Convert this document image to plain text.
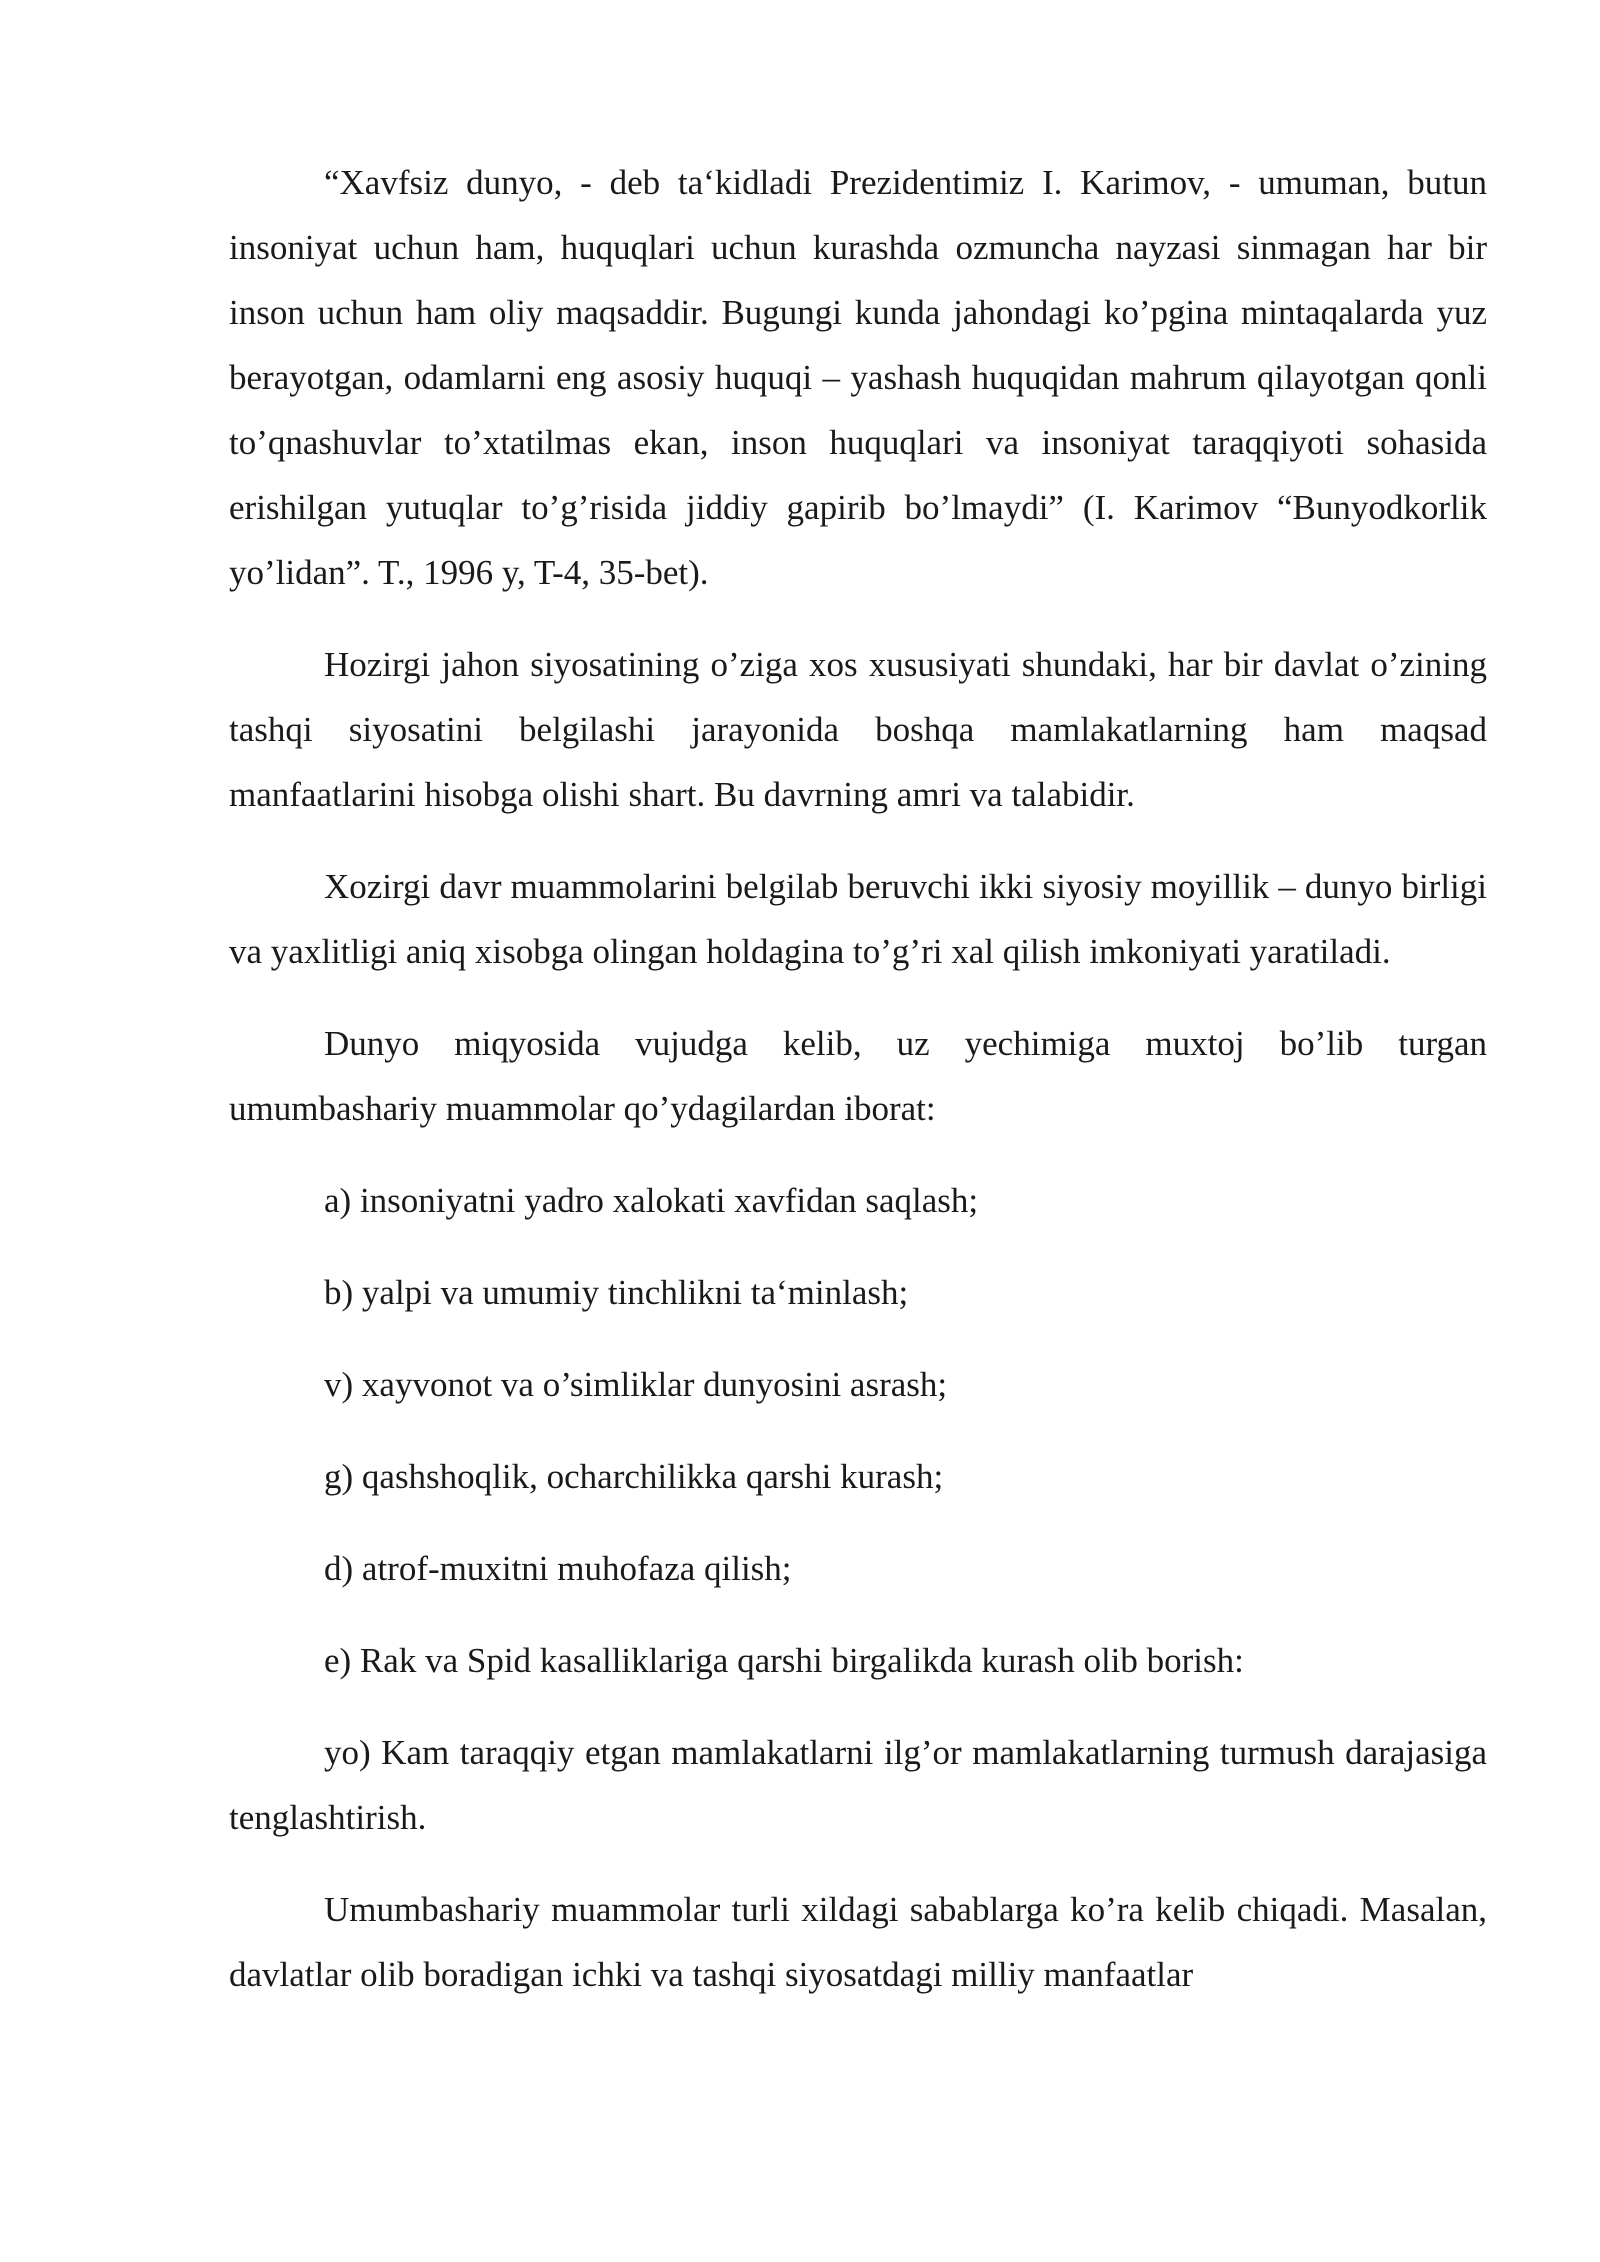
“Xavfsiz dunyo, - deb ta‘kidladi Prezidentimiz I. Karimov, - umuman, butun insoniyat uchun ham, huquqlari uchun kurashda ozmuncha nayzasi sinmagan har bir inson uchun ham oliy maqsaddir. Bugungi kunda jahondagi ko’pgina mintaqalarda yuz berayotgan, odamlarni eng asosiy huquqi – yashash huquqidan mahrum qilayotgan qonli to’qnashuvlar to’xtatilmas ekan, inson huquqlari va insoniyat taraqqiyoti sohasida erishilgan yutuqlar to’g’risida jiddiy gapirib bo’lmaydi” (I. Karimov “Bunyodkorlik yo’lidan”. T., 1996 y, T-4, 35-bet).

Hozirgi jahon siyosatining o’ziga xos xususiyati shundaki, har bir davlat o’zining tashqi siyosatini belgilashi jarayonida boshqa mamlakatlarning ham maqsad manfaatlarini hisobga olishi shart. Bu davrning amri va talabidir.

Xozirgi davr muammolarini belgilab beruvchi ikki siyosiy moyillik – dunyo birligi va yaxlitligi aniq xisobga olingan holdagina to’g’ri xal qilish imkoniyati yaratiladi.

Dunyo miqyosida vujudga kelib, uz yechimiga muxtoj bo’lib turgan umumbashariy muammolar qo’ydagilardan iborat:

a) insoniyatni yadro xalokati xavfidan saqlash;

b) yalpi va umumiy tinchlikni ta‘minlash;

v) xayvonot va o’simliklar dunyosini asrash;

g) qashshoqlik, ocharchilikka qarshi kurash;

d) atrof-muxitni muhofaza qilish;

e) Rak va Spid kasalliklariga qarshi birgalikda kurash olib borish:

yo) Kam taraqqiy etgan mamlakatlarni ilg’or mamlakatlarning turmush darajasiga tenglashtirish.

Umumbashariy muammolar turli xildagi sabablarga ko’ra kelib chiqadi. Masalan, davlatlar olib boradigan ichki va tashqi siyosatdagi milliy manfaatlar
